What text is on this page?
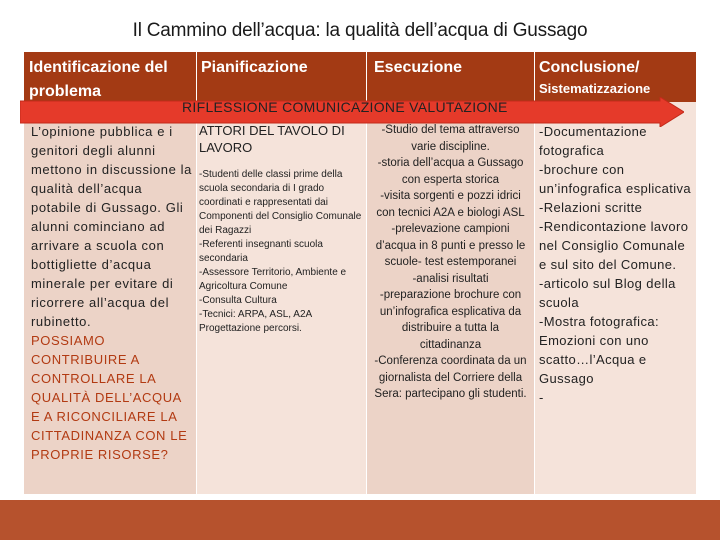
Il Cammino dell’acqua: la qualità dell’acqua di Gussago
Identificazione del problema
Pianificazione	Esecuzione	Conclusione/
Sistematizzazione
L’opinione pubblica e i genitori degli alunni mettono in discussione la qualità dell’acqua potabile di Gussago. Gli alunni cominciano ad arrivare a scuola con bottigliette d’acqua minerale per evitare di ricorrere all’acqua del rubinetto.
POSSIAMO CONTRIBUIRE A CONTROLLARE LA QUALITÀ DELL’ACQUA E A RICONCILIARE LA CITTADINANZA CON LE PROPRIE RISORSE?
ATTORI DEL TAVOLO DI LAVORO
-Studenti delle classi prime della scuola secondaria di I grado coordinati e rappresentati dai Componenti del Consiglio Comunale dei Ragazzi
-Referenti insegnanti scuola secondaria
-Assessore Territorio, Ambiente e Agricoltura Comune
-Consulta Cultura
-Tecnici: ARPA, ASL, A2A
Progettazione percorsi.
-Studio del tema attraverso varie discipline.
-storia dell’acqua a Gussago con esperta storica
-visita sorgenti e pozzi idrici con tecnici A2A e biologi ASL
-prelevazione campioni d’acqua in 8 punti e presso le scuole- test estemporanei
-analisi risultati
-preparazione brochure con un’infografica esplicativa da distribuire a tutta la cittadinanza
-Conferenza coordinata da un giornalista del Corriere della Sera: partecipano gli studenti.
-Documentazione fotografica
-brochure con un’infografica esplicativa -Relazioni scritte
-Rendicontazione lavoro nel Consiglio Comunale e sul sito del Comune.
-articolo sul Blog della scuola
-Mostra fotografica: Emozioni con uno scatto…l’Acqua e Gussago
-
RIFLESSIONE COMUNICAZIONE VALUTAZIONE
